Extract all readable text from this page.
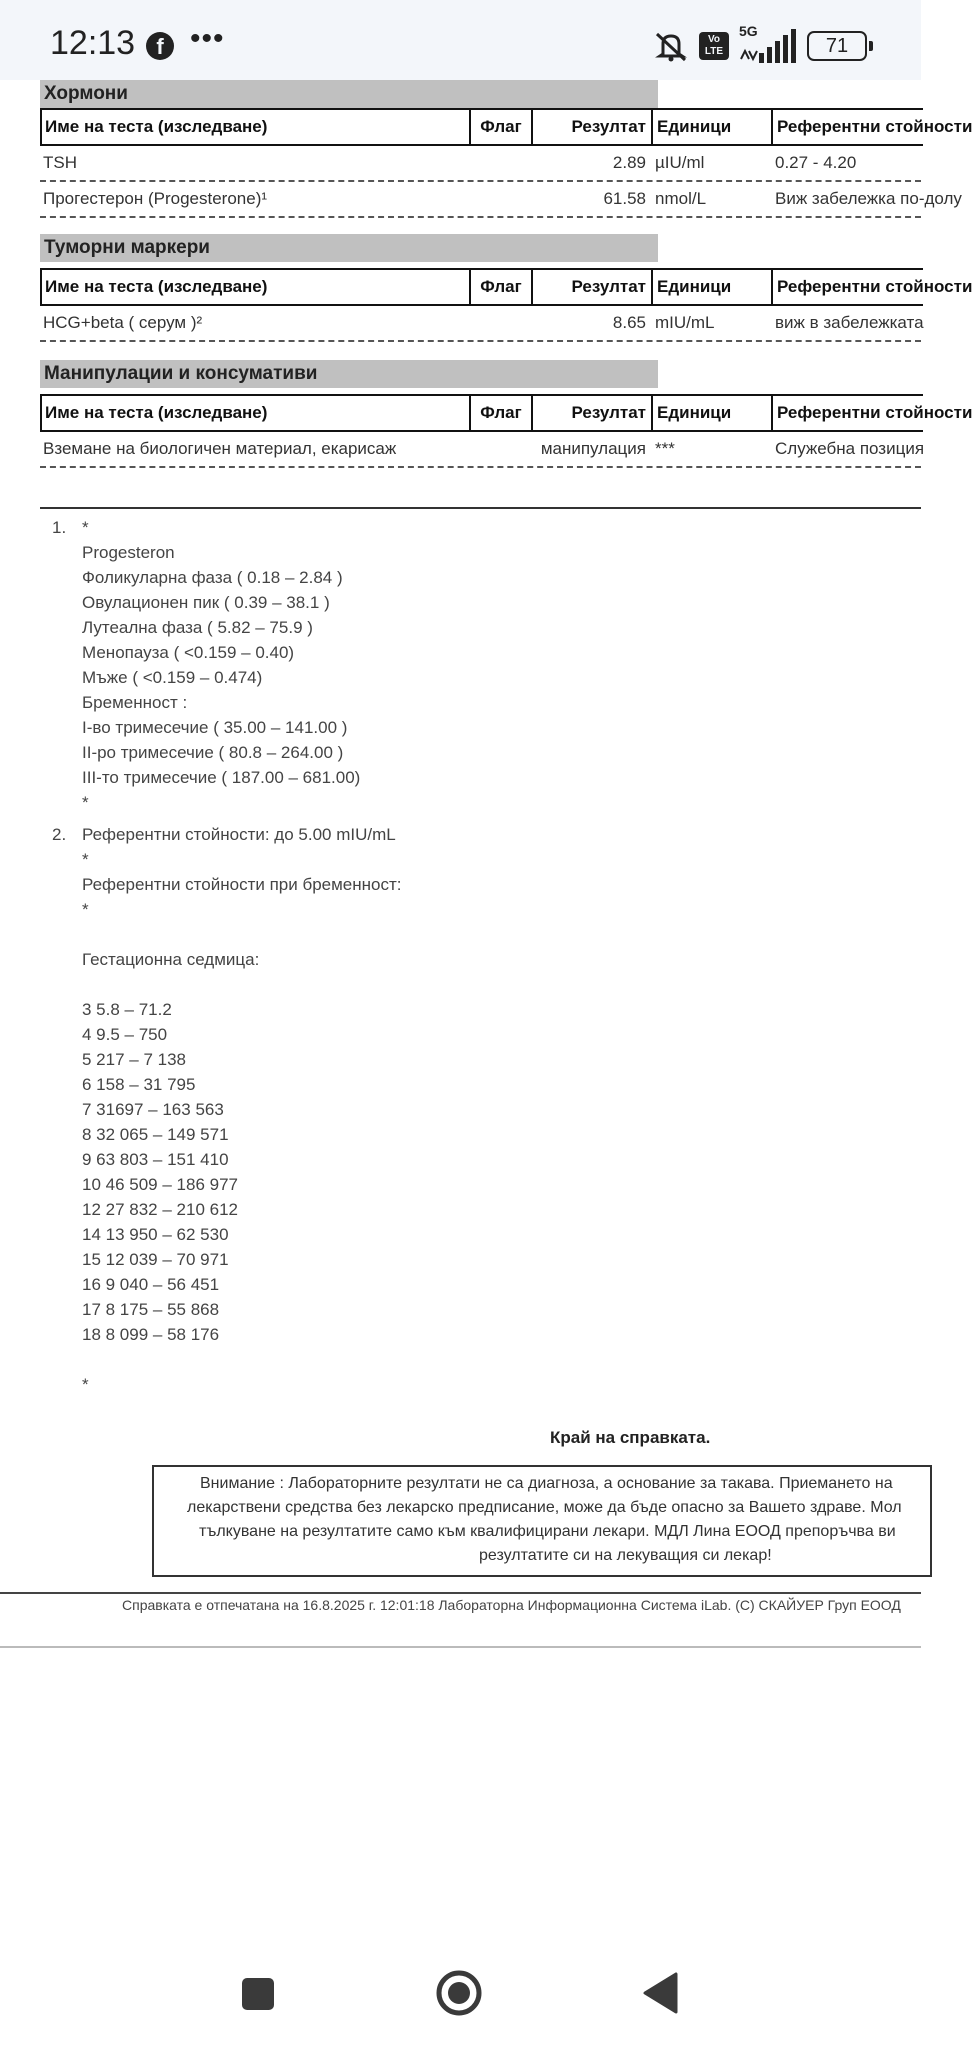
12:13 f •••	Vo LTE
5G
71
Хормони
Име на теста (изследване)	Флаг	Резултат Единици	Референтни стойности
TSH	2.89 µIU/ml	0.27 - 4.20
Прогестерон (Progesterone)¹	61.58 nmol/L	Виж забележка по-долу
Туморни маркери
Име на теста (изследване)	Флаг	Резултат Единици	Референтни стойности
HCG+beta ( серум )²	8.65 mIU/mL	виж в забележката
Манипулации и консумативи
Име на теста (изследване)	Флаг	Резултат Единици	Референтни стойности
Вземане на биологичен материал, екарисаж	манипулация ***	Служебна позиция
1. *
Progesteron
Фоликуларна фаза ( 0.18 – 2.84 )
Овулационен пик ( 0.39 – 38.1 )
Лутеална фаза ( 5.82 – 75.9 )
Менопауза ( <0.159 – 0.40)
Мъже ( <0.159 – 0.474)
Бременност :
I-во тримесечие ( 35.00 – 141.00 )
II-ро тримесечие ( 80.8 – 264.00 )
III-то тримесечие ( 187.00 – 681.00)
*
2. Референтни стойности: до 5.00 mIU/mL
*
Референтни стойности при бременност:
*
Гестационна седмица:
3 5.8 – 71.2
4 9.5 – 750
5 217 – 7 138
6 158 – 31 795
7 31697 – 163 563
8 32 065 – 149 571
9 63 803 – 151 410
10 46 509 – 186 977
12 27 832 – 210 612
14 13 950 – 62 530
15 12 039 – 70 971
16 9 040 – 56 451
17 8 175 – 55 868
18 8 099 – 58 176
*
Край на справката.
Внимание : Лабораторните резултати не са диагноза, а основание за такава. Приемането на
лекарствени средства без лекарско предписание, може да бъде опасно за Вашето здраве. Мол
тълкуване на резултатите само към квалифицирани лекари. МДЛ Лина ЕООД препоръчва ви
резултатите си на лекуващия си лекар!
Справката е отпечатана на 16.8.2025 г. 12:01:18 Лабораторна Информационна Система iLab. (C) СКАЙУЕР Груп ЕООД
